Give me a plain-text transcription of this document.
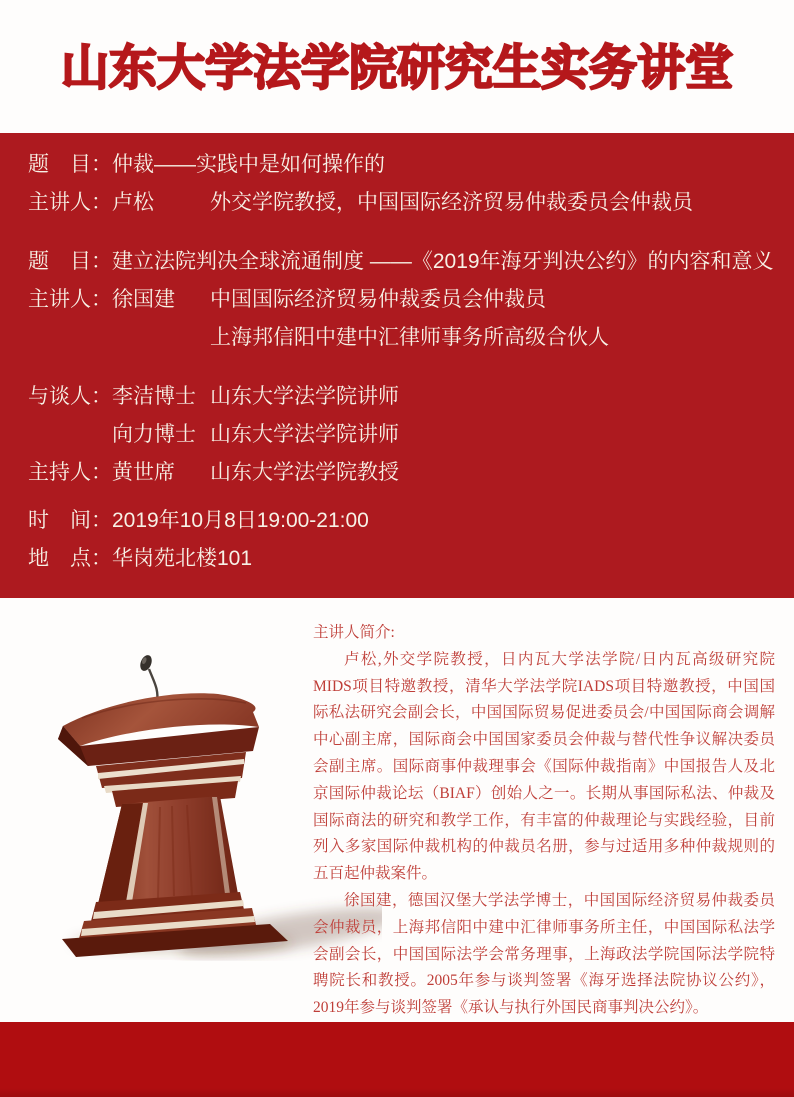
山东大学法学院研究生实务讲堂
题　目： 仲裁——实践中是如何操作的
主讲人： 卢松	外交学院教授，中国国际经济贸易仲裁委员会仲裁员
题　目： 建立法院判决全球流通制度 ——《2019年海牙判决公约》的内容和意义
主讲人： 徐国建	中国国际经济贸易仲裁委员会仲裁员
上海邦信阳中建中汇律师事务所高级合伙人
与谈人： 李洁博士 山东大学法学院讲师
向力博士 山东大学法学院讲师
主持人： 黄世席	山东大学法学院教授
时　间： 2019年10月8日19:00-21:00
地　点： 华岗苑北楼101
主讲人简介:

卢松,外交学院教授，日内瓦大学法学院/日内瓦高级研究院MIDS项目特邀教授，清华大学法学院IADS项目特邀教授，中国国际私法研究会副会长，中国国际贸易促进委员会/中国国际商会调解中心副主席，国际商会中国国家委员会仲裁与替代性争议解决委员会副主席。国际商事仲裁理事会《国际仲裁指南》中国报告人及北京国际仲裁论坛（BIAF）创始人之一。长期从事国际私法、仲裁及国际商法的研究和教学工作，有丰富的仲裁理论与实践经验，目前列入多家国际仲裁机构的仲裁员名册，参与过适用多种仲裁规则的五百起仲裁案件。

徐国建，德国汉堡大学法学博士，中国国际经济贸易仲裁委员会仲裁员，上海邦信阳中建中汇律师事务所主任，中国国际私法学会副会长，中国国际法学会常务理事，上海政法学院国际法学院特聘院长和教授。2005年参与谈判签署《海牙选择法院协议公约》，2019年参与谈判签署《承认与执行外国民商事判决公约》。
